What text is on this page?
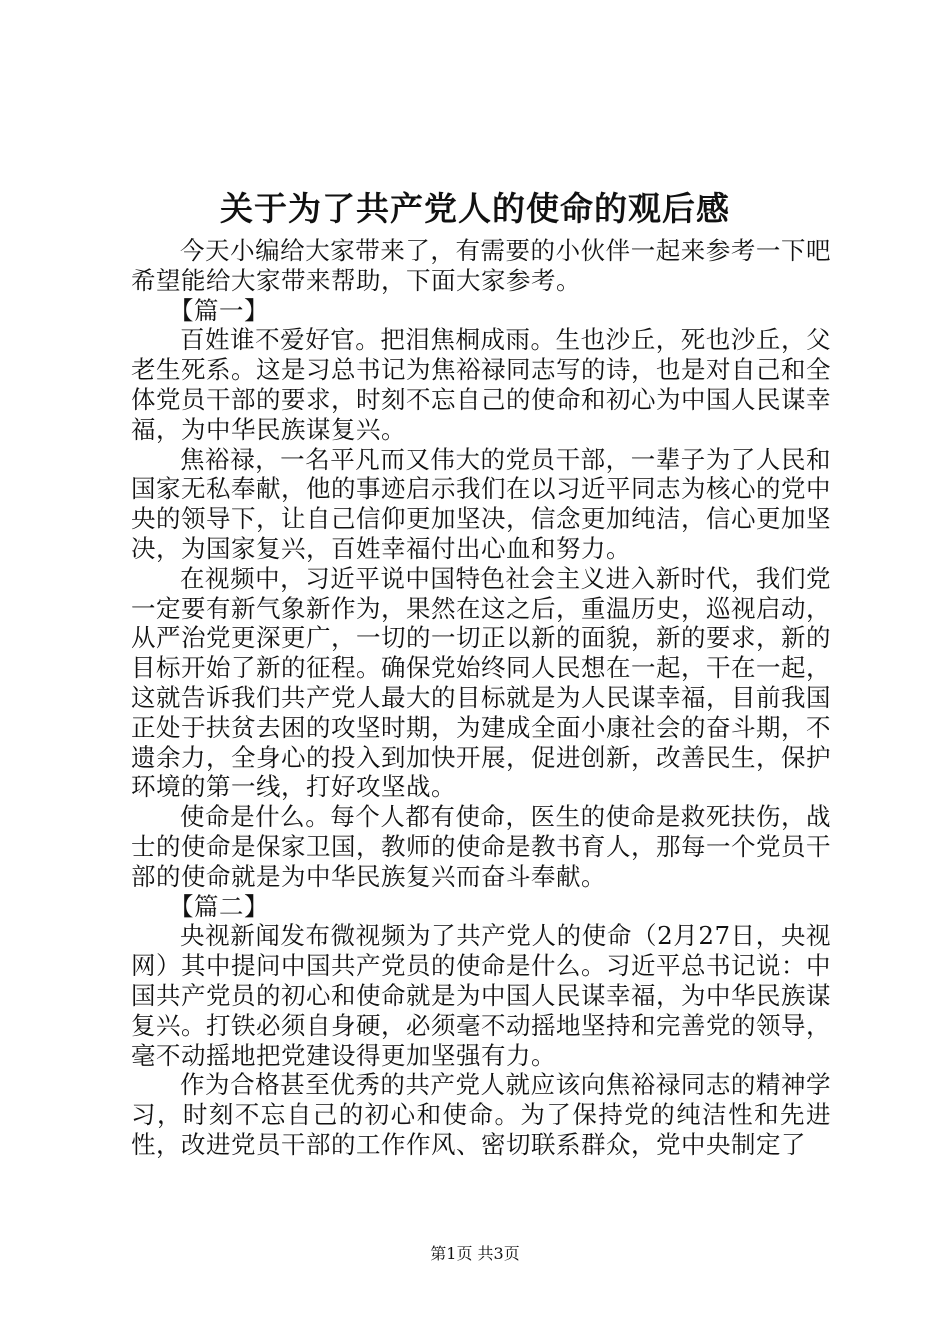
关于为了共产党人的使命的观后感

今天小编给大家带来了，有需要的小伙伴一起来参考一下吧希望能给大家带来帮助，下面大家参考。

【篇一】

百姓谁不爱好官。把泪焦桐成雨。生也沙丘，死也沙丘，父老生死系。这是习总书记为焦裕禄同志写的诗，也是对自己和全体党员干部的要求，时刻不忘自己的使命和初心为中国人民谋幸福，为中华民族谋复兴。

焦裕禄，一名平凡而又伟大的党员干部，一辈子为了人民和国家无私奉献，他的事迹启示我们在以习近平同志为核心的党中央的领导下，让自己信仰更加坚决，信念更加纯洁，信心更加坚决，为国家复兴，百姓幸福付出心血和努力。

在视频中，习近平说中国特色社会主义进入新时代，我们党一定要有新气象新作为，果然在这之后，重温历史，巡视启动，从严治党更深更广，一切的一切正以新的面貌，新的要求，新的目标开始了新的征程。确保党始终同人民想在一起，干在一起，这就告诉我们共产党人最大的目标就是为人民谋幸福，目前我国正处于扶贫去困的攻坚时期，为建成全面小康社会的奋斗期，不遗余力，全身心的投入到加快开展，促进创新，改善民生，保护环境的第一线，打好攻坚战。

使命是什么。每个人都有使命，医生的使命是救死扶伤，战士的使命是保家卫国，教师的使命是教书育人，那每一个党员干部的使命就是为中华民族复兴而奋斗奉献。

【篇二】

央视新闻发布微视频为了共产党人的使命（2月27日，央视网）其中提问中国共产党员的使命是什么。习近平总书记说：中国共产党员的初心和使命就是为中国人民谋幸福，为中华民族谋复兴。打铁必须自身硬，必须毫不动摇地坚持和完善党的领导，毫不动摇地把党建设得更加坚强有力。

作为合格甚至优秀的共产党人就应该向焦裕禄同志的精神学习，时刻不忘自己的初心和使命。为了保持党的纯洁性和先进性，改进党员干部的工作作风、密切联系群众，党中央制定了

第1页 共3页
